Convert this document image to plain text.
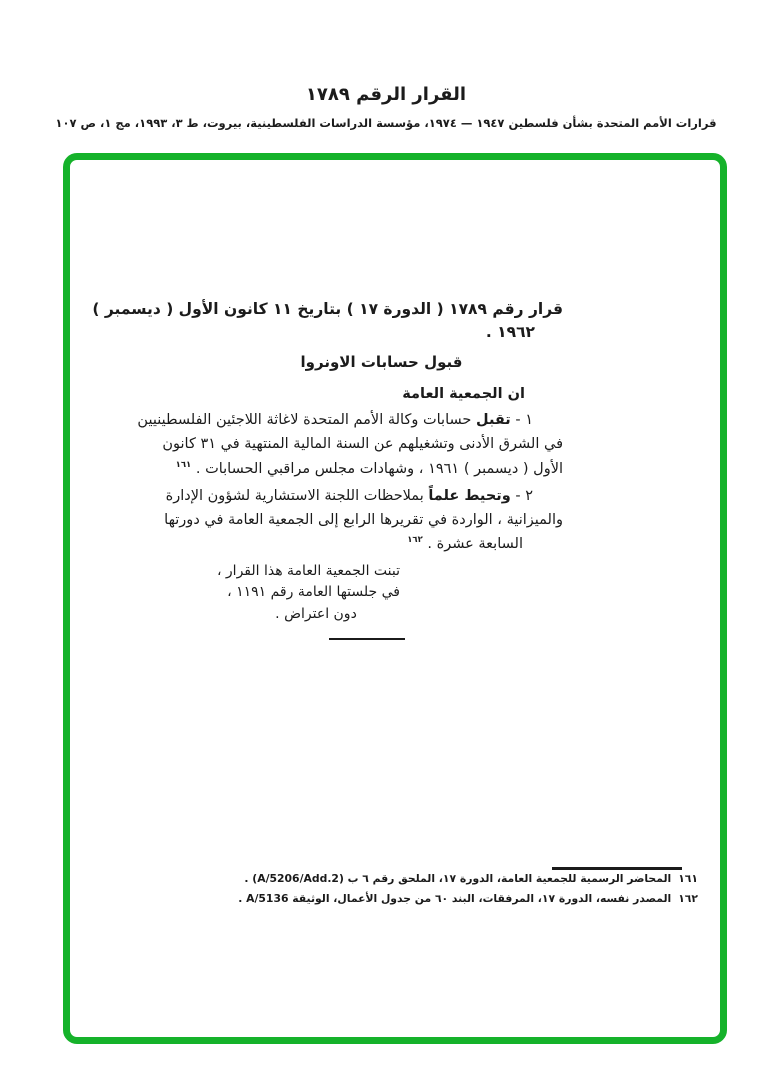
القرار الرقم ١٧٨٩
قرارات الأمم المتحدة بشأن فلسطين ١٩٤٧ — ١٩٧٤، مؤسسة الدراسات الفلسطينية، بيروت، ط ٣، ١٩٩٣، مج ١، ص ١٠٧
قرار رقم ١٧٨٩ ( الدورة ١٧ ) بتاريخ ١١ كانون الأول ( ديسمبر )
١٩٦٢ .
قبول حسابات الاونروا
ان الجمعية العامة
١ - تقبل حسابات وكالة الأمم المتحدة لاغاثة اللاجئين الفلسطينيين
في الشرق الأدنى وتشغيلهم عن السنة المالية المنتهية في ٣١ كانون
الأول ( ديسمبر ) ١٩٦١ ، وشهادات مجلس مراقبي الحسابات . $^{١٦١}$
٢ - وتحيط علماً بملاحظات اللجنة الاستشارية لشؤون الإدارة
والميزانية ، الواردة في تقريرها الرابع إلى الجمعية العامة في دورتها
السابعة عشرة . $^{١٦٢}$
تبنت الجمعية العامة هذا القرار ،
في جلستها العامة رقم ١١٩١ ،
دون اعتراض .
١٦١المحاضر الرسمية للجمعية العامة، الدورة ١٧، الملحق رقم ٦ ب (A/5206/Add.2) .
١٦٢المصدر نفسه، الدورة ١٧، المرفقات، البند ٦٠ من جدول الأعمال، الوثيقة A/5136 .
